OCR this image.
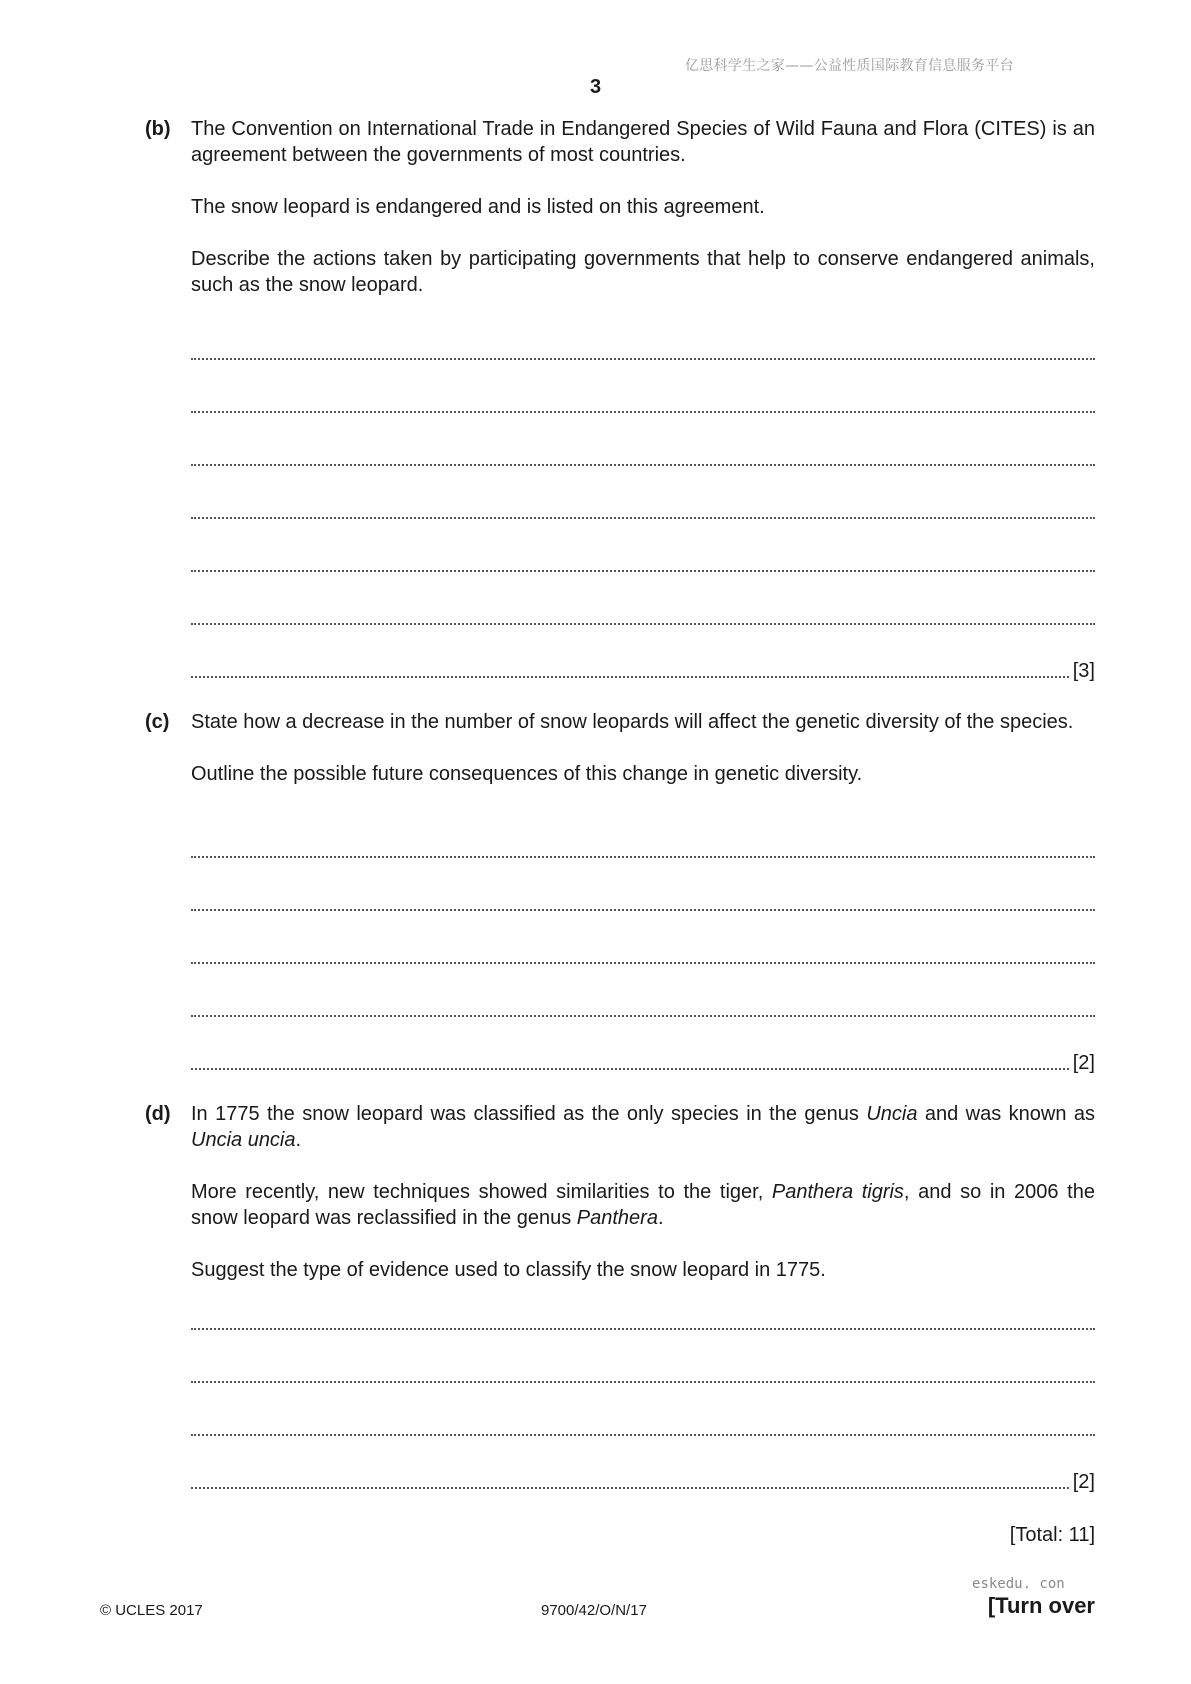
亿思科学生之家——公益性质国际教育信息服务平台
3
(b) The Convention on International Trade in Endangered Species of Wild Fauna and Flora (CITES) is an agreement between the governments of most countries.

The snow leopard is endangered and is listed on this agreement.

Describe the actions taken by participating governments that help to conserve endangered animals, such as the snow leopard.

[3]
(c) State how a decrease in the number of snow leopards will affect the genetic diversity of the species.

Outline the possible future consequences of this change in genetic diversity.

[2]
(d) In 1775 the snow leopard was classified as the only species in the genus Uncia and was known as Uncia uncia.

More recently, new techniques showed similarities to the tiger, Panthera tigris, and so in 2006 the snow leopard was reclassified in the genus Panthera.

Suggest the type of evidence used to classify the snow leopard in 1775.

[2]
[Total: 11]
eskedu. con
© UCLES 2017	9700/42/O/N/17	[Turn over
